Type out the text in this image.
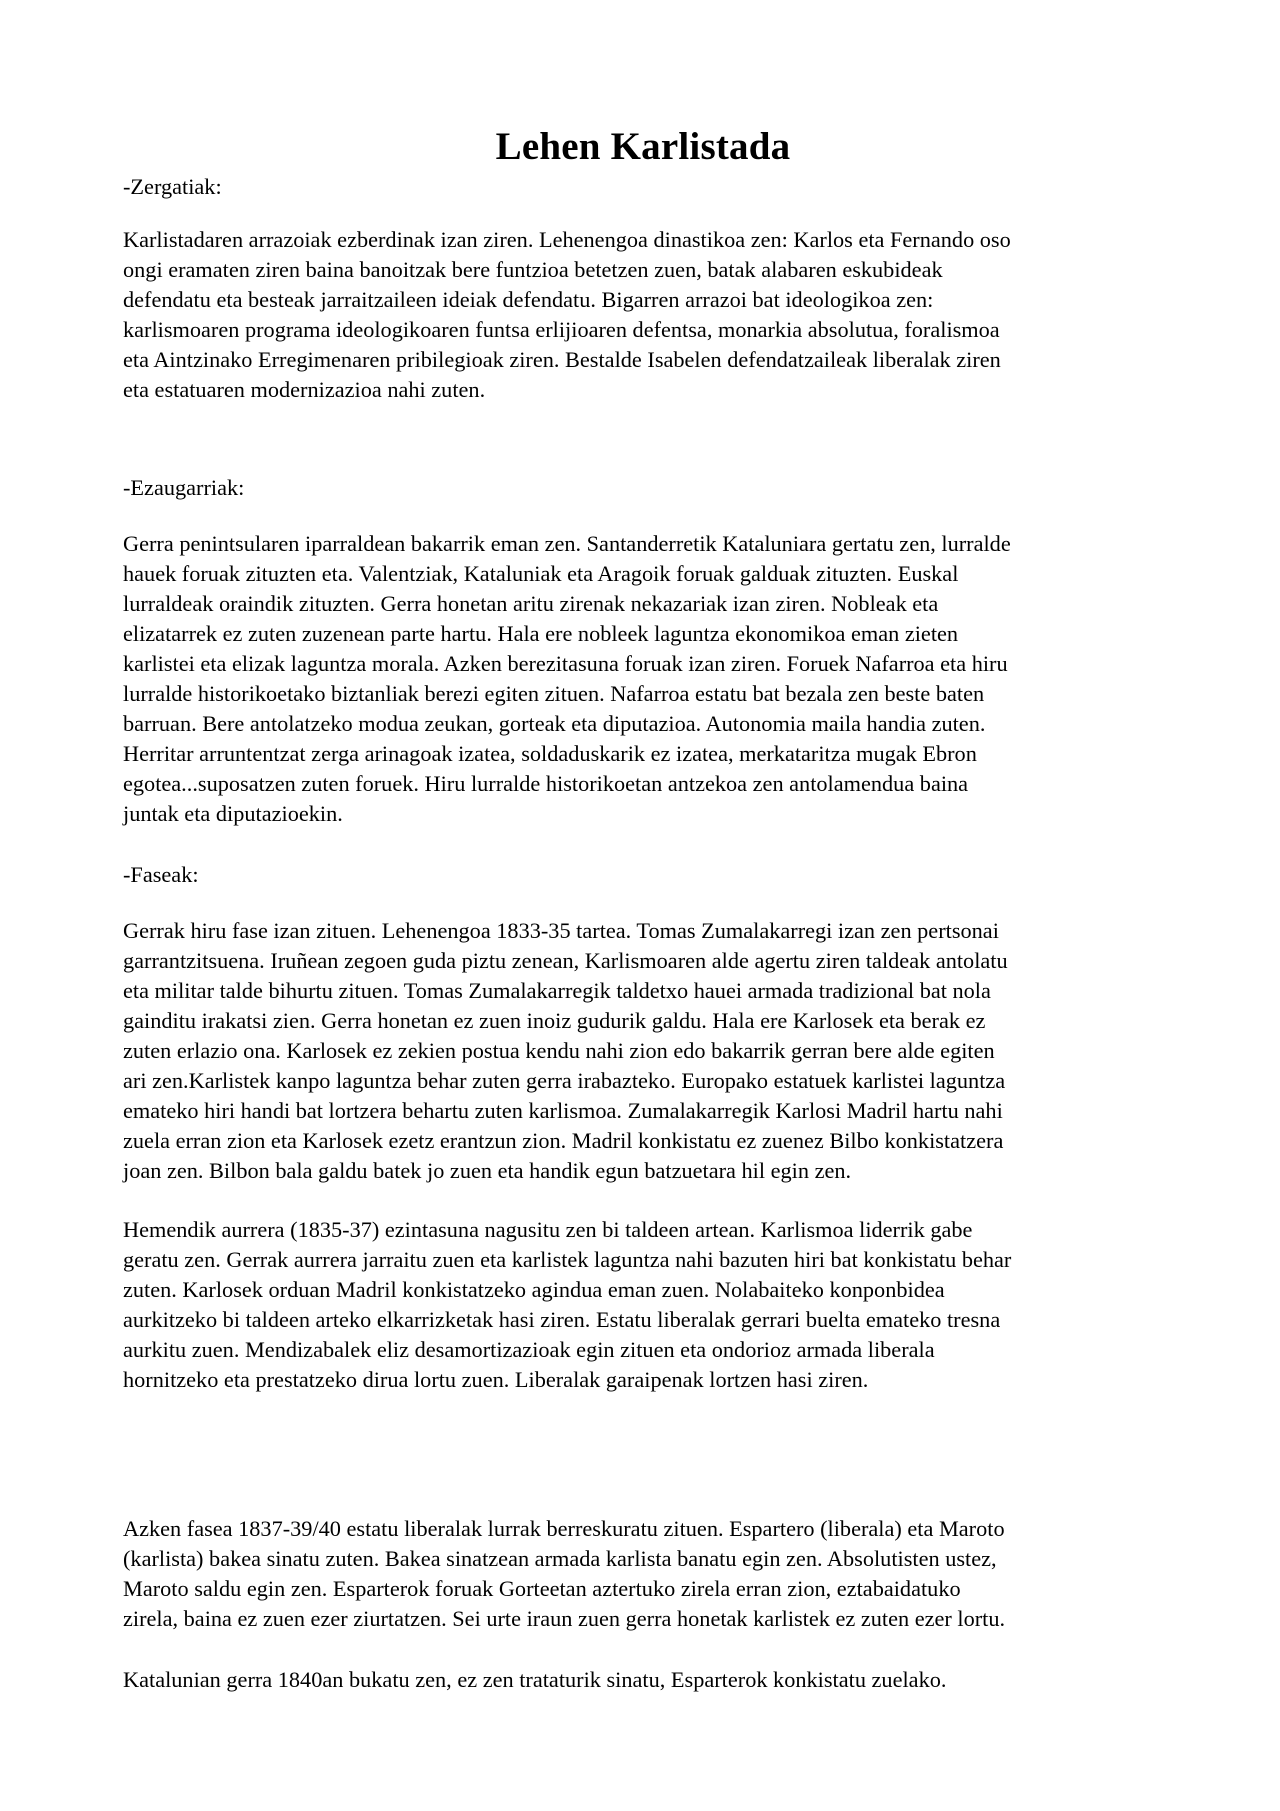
Lehen Karlistada

-Zergatiak:

Karlistadaren arrazoiak ezberdinak izan ziren. Lehenengoa dinastikoa zen: Karlos eta Fernando oso
ongi eramaten ziren baina banoitzak bere funtzioa betetzen zuen, batak alabaren eskubideak
defendatu eta besteak jarraitzaileen ideiak defendatu. Bigarren arrazoi bat ideologikoa zen:
karlismoaren programa ideologikoaren funtsa erlijioaren defentsa, monarkia absolutua, foralismoa
eta Aintzinako Erregimenaren pribilegioak ziren. Bestalde Isabelen defendatzaileak liberalak ziren
eta estatuaren modernizazioa nahi zuten.

-Ezaugarriak:

Gerra penintsularen iparraldean bakarrik eman zen. Santanderretik Kataluniara gertatu zen, lurralde
hauek foruak zituzten eta. Valentziak, Kataluniak eta Aragoik foruak galduak zituzten. Euskal
lurraldeak oraindik zituzten. Gerra honetan aritu zirenak nekazariak izan ziren. Nobleak eta
elizatarrek ez zuten zuzenean parte hartu. Hala ere nobleek laguntza ekonomikoa eman zieten
karlistei eta elizak laguntza morala. Azken berezitasuna foruak izan ziren. Foruek Nafarroa eta hiru
lurralde historikoetako biztanliak berezi egiten zituen. Nafarroa estatu bat bezala zen beste baten
barruan. Bere antolatzeko modua zeukan, gorteak eta diputazioa. Autonomia maila handia zuten.
Herritar arruntentzat zerga arinagoak izatea, soldaduskarik ez izatea, merkataritza mugak Ebron
egotea...suposatzen zuten foruek. Hiru lurralde historikoetan antzekoa zen antolamendua baina
juntak eta diputazioekin.

-Faseak:

Gerrak hiru fase izan zituen. Lehenengoa 1833-35 tartea. Tomas Zumalakarregi izan zen pertsonai
garrantzitsuena. Iruñean zegoen guda piztu zenean, Karlismoaren alde agertu ziren taldeak antolatu
eta militar talde bihurtu zituen. Tomas Zumalakarregik taldetxo hauei armada tradizional bat nola
gainditu irakatsi zien. Gerra honetan ez zuen inoiz gudurik galdu. Hala ere Karlosek eta berak ez
zuten erlazio ona. Karlosek ez zekien postua kendu nahi zion edo bakarrik gerran bere alde egiten
ari zen.Karlistek kanpo laguntza behar zuten gerra irabazteko. Europako estatuek karlistei laguntza
emateko hiri handi bat lortzera behartu zuten karlismoa. Zumalakarregik Karlosi Madril hartu nahi
zuela erran zion eta Karlosek ezetz erantzun zion. Madril konkistatu ez zuenez Bilbo konkistatzera
joan zen. Bilbon bala galdu batek jo zuen eta handik egun batzuetara hil egin zen.

Hemendik aurrera (1835-37) ezintasuna nagusitu zen bi taldeen artean. Karlismoa liderrik gabe
geratu zen. Gerrak aurrera jarraitu zuen eta karlistek laguntza nahi bazuten hiri bat konkistatu behar
zuten. Karlosek orduan Madril konkistatzeko agindua eman zuen. Nolabaiteko konponbidea
aurkitzeko bi taldeen arteko elkarrizketak hasi ziren. Estatu liberalak gerrari buelta emateko tresna
aurkitu zuen. Mendizabalek eliz desamortizazioak egin zituen eta ondorioz armada liberala
hornitzeko eta prestatzeko dirua lortu zuen. Liberalak garaipenak lortzen hasi ziren.

Azken fasea 1837-39/40 estatu liberalak lurrak berreskuratu zituen. Espartero (liberala) eta Maroto
(karlista) bakea sinatu zuten. Bakea sinatzean armada karlista banatu egin zen. Absolutisten ustez,
Maroto saldu egin zen. Esparterok foruak Gorteetan aztertuko zirela erran zion, eztabaidatuko
zirela, baina ez zuen ezer ziurtatzen. Sei urte iraun zuen gerra honetak karlistek ez zuten ezer lortu.

Katalunian gerra 1840an bukatu zen, ez zen trataturik sinatu, Esparterok konkistatu zuelako.
